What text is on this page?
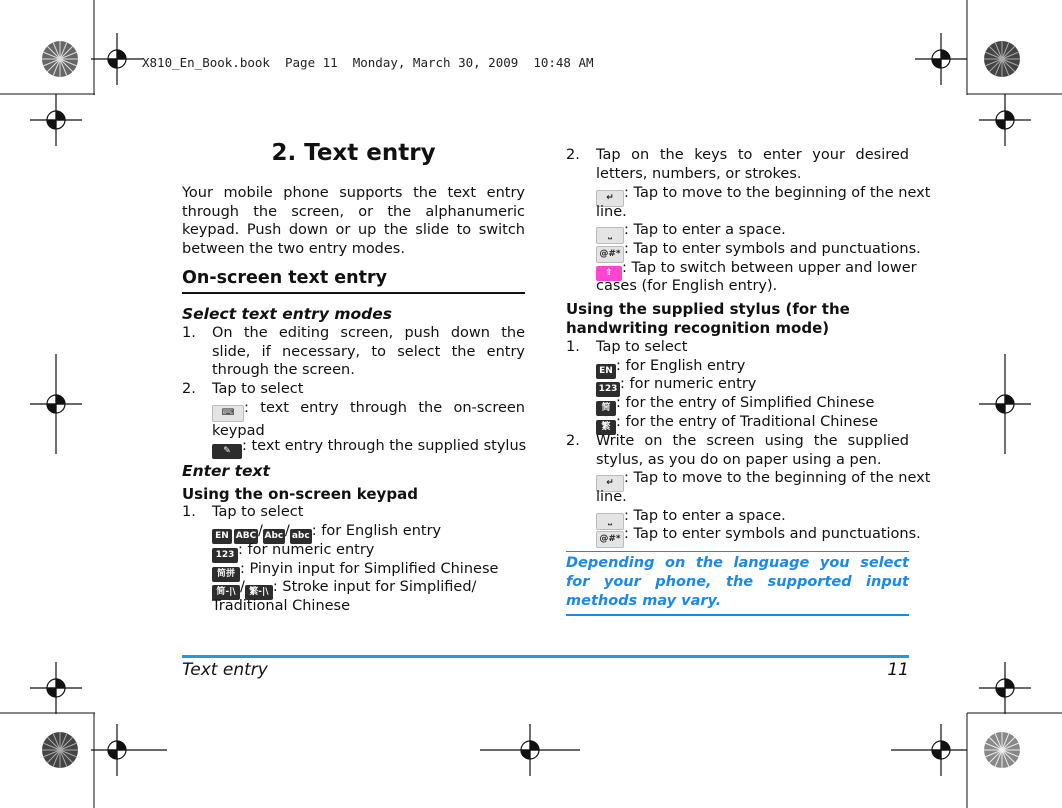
X810_En_Book.book  Page 11  Monday, March 30, 2009  10:48 AM
2. Text entry
Your mobile phone supports the text entry through the screen, or the alphanumeric keypad. Push down or up the slide to switch between the two entry modes.
On-screen text entry
Select text entry modes
1. On the editing screen, push down the slide, if necessary, to select the entry through the screen.
2. Tap to select
⌨ : text entry through the on-screen keypad
✎ : text entry through the supplied stylus
Enter text
Using the on-screen keypad
1. Tap to select
EN ABC / Abc / abc : for English entry
123 : for numeric entry
简拼 : Pinyin input for Simplified Chinese
简-|\ / 繁-|\ : Stroke input for Simplified/
Traditional Chinese
2. Tap on the keys to enter your desired letters, numbers, or strokes.
↵ : Tap to move to the beginning of the next
line.
⎵ : Tap to enter a space.
@#* : Tap to enter symbols and punctuations.
⇧ : Tap to switch between upper and lower
cases (for English entry).
Using the supplied stylus (for the
handwriting recognition mode)
1. Tap to select
EN : for English entry
123 : for numeric entry
简 : for the entry of Simplified Chinese
繁 : for the entry of Traditional Chinese
2. Write on the screen using the supplied stylus, as you do on paper using a pen.
↵ : Tap to move to the beginning of the next
line.
⎵ : Tap to enter a space.
@#* : Tap to enter symbols and punctuations.
Depending on the language you select for your phone, the supported input methods may vary.
Text entry	11
